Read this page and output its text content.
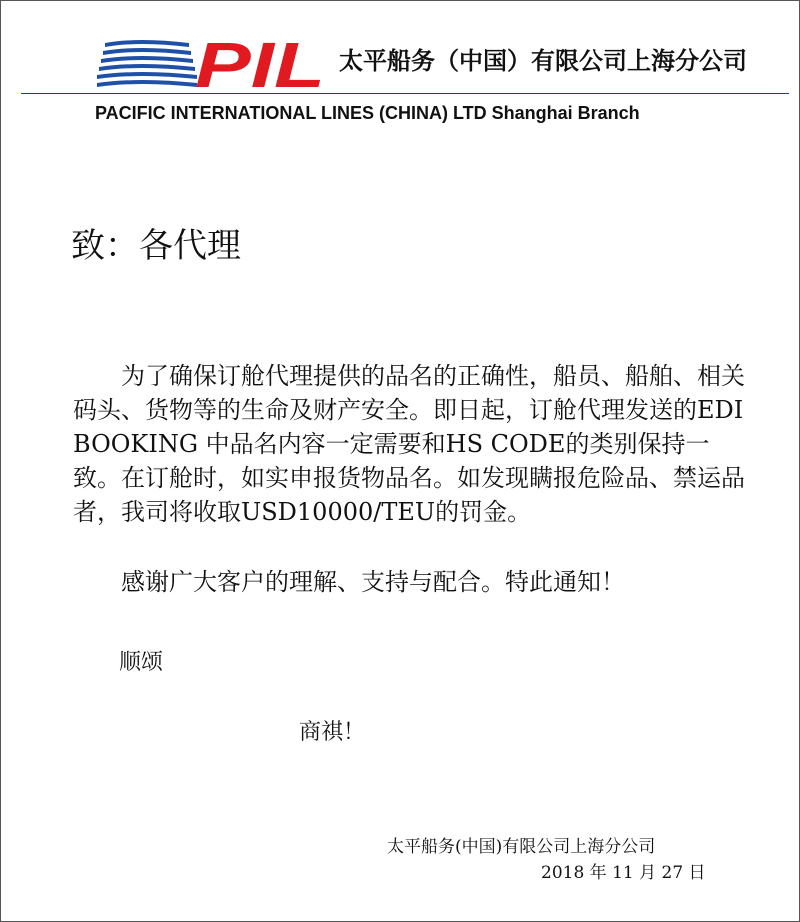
PIL 太平船务（中国）有限公司上海分公司
PACIFIC INTERNATIONAL LINES (CHINA) LTD Shanghai Branch
致：各代理

为了确保订舱代理提供的品名的正确性，船员、船舶、相关码头、货物等的生命及财产安全。即日起，订舱代理发送的EDI BOOKING 中品名内容一定需要和HS CODE的类别保持一致。在订舱时，如实申报货物品名。如发现瞒报危险品、禁运品者，我司将收取USD10000/TEU的罚金。

感谢广大客户的理解、支持与配合。特此通知！

顺颂
商祺！
太平船务(中国)有限公司上海分公司
2018 年 11 月 27 日
